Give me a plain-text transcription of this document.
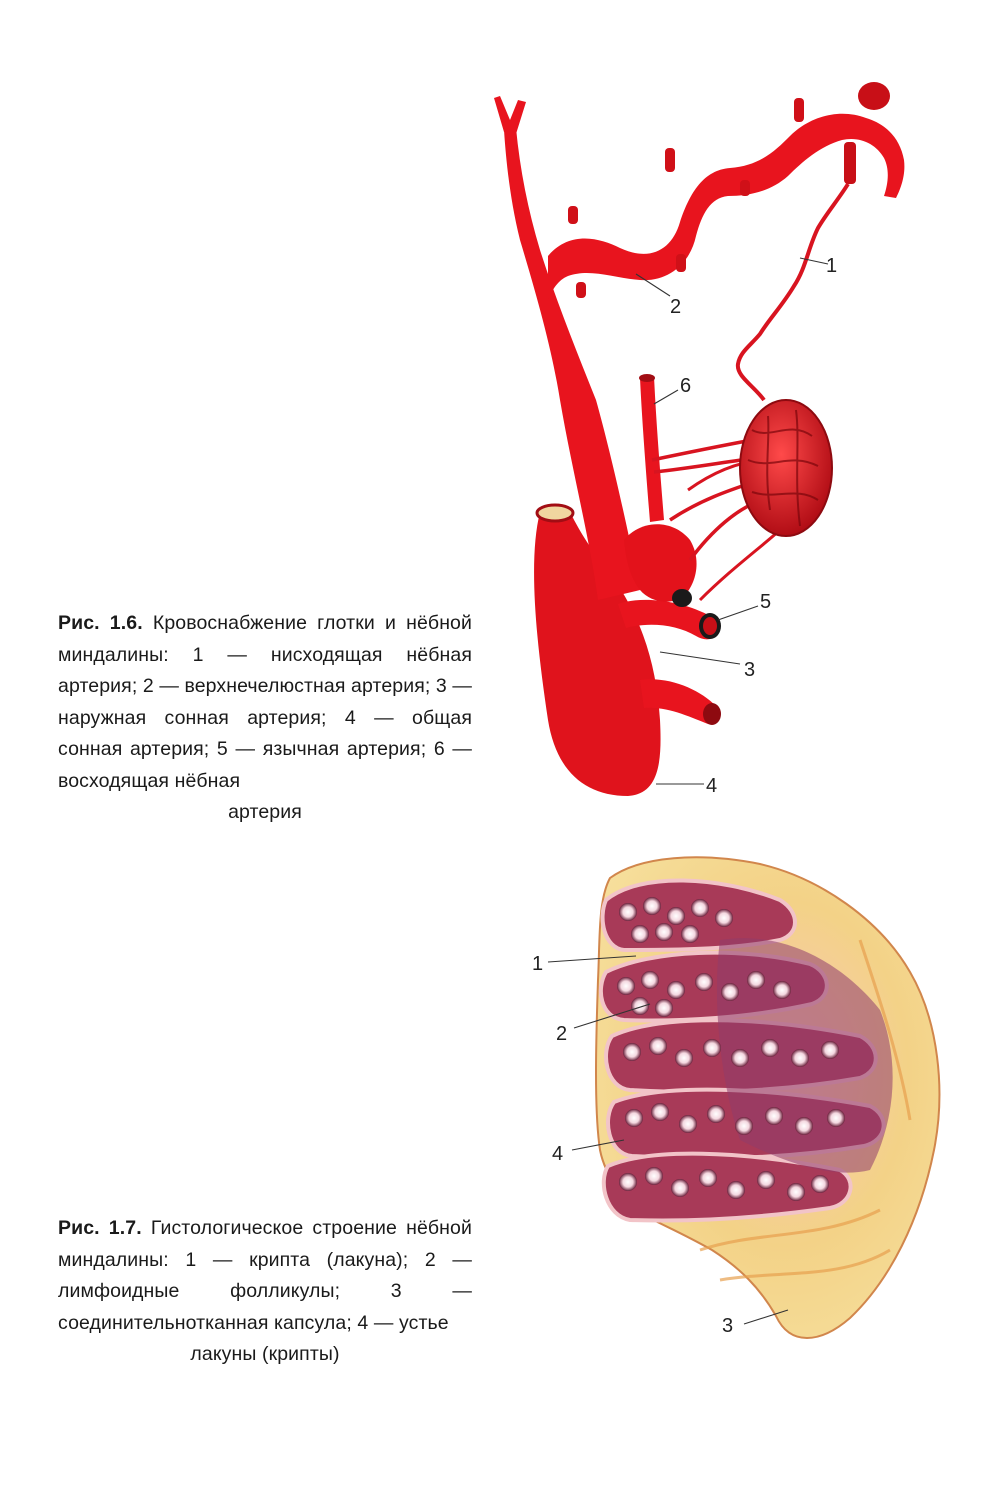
1
2
3
4
5
6
1
2
3
4
Рис. 1.6. Кровоснабжение глотки и нёбной миндалины: 1 — нисходящая нёбная артерия; 2 — верхнечелюстная артерия; 3 — наружная сонная артерия; 4 — общая сонная артерия; 5 — язычная артерия; 6 — восходящая нёбная
артерия
Рис. 1.7. Гистологическое строение нёбной миндалины: 1 — крипта (лакуна); 2 — лимфоидные фолликулы; 3 — соединительнотканная капсула; 4 — устье
лакуны (крипты)
